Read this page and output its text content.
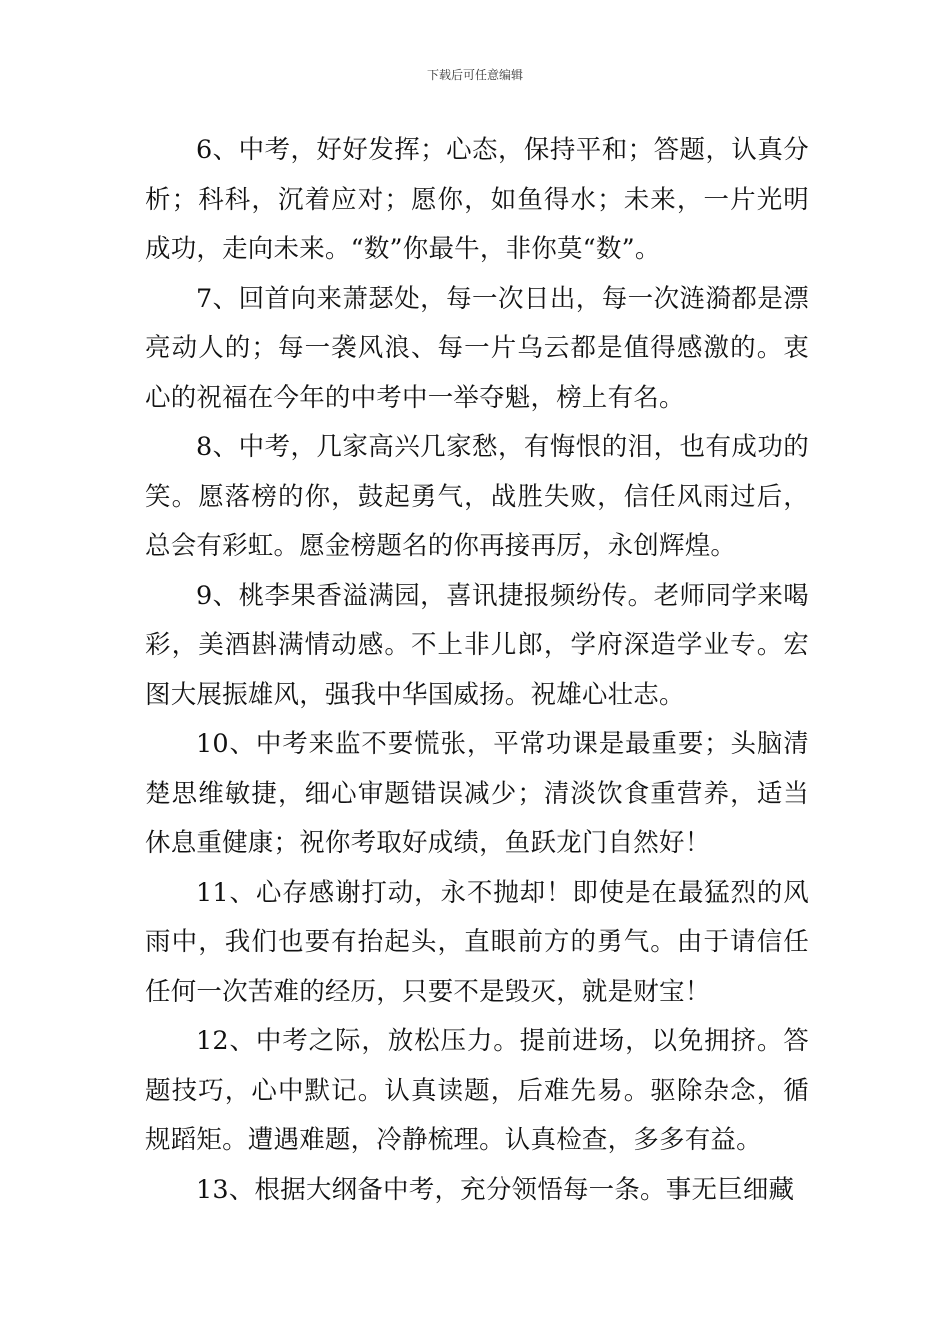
下载后可任意编辑

6、中考，好好发挥；心态，保持平和；答题，认真分析；科科，沉着应对；愿你，如鱼得水；未来，一片光明成功，走向未来。“数”你最牛，非你莫“数”。

7、回首向来萧瑟处，每一次日出，每一次涟漪都是漂亮动人的；每一袭风浪、每一片乌云都是值得感激的。衷心的祝福在今年的中考中一举夺魁，榜上有名。

8、中考，几家高兴几家愁，有悔恨的泪，也有成功的笑。愿落榜的你，鼓起勇气，战胜失败，信任风雨过后，总会有彩虹。愿金榜题名的你再接再厉，永创辉煌。

9、桃李果香溢满园，喜讯捷报频纷传。老师同学来喝彩，美酒斟满情动感。不上非儿郎，学府深造学业专。宏图大展振雄风，强我中华国威扬。祝雄心壮志。

10、中考来监不要慌张，平常功课是最重要；头脑清楚思维敏捷，细心审题错误减少；清淡饮食重营养，适当休息重健康；祝你考取好成绩，鱼跃龙门自然好！

11、心存感谢打动，永不抛却！即使是在最猛烈的风雨中，我们也要有抬起头，直眼前方的勇气。由于请信任任何一次苦难的经历，只要不是毁灭，就是财宝！

12、中考之际，放松压力。提前进场，以免拥挤。答题技巧，心中默记。认真读题，后难先易。驱除杂念，循规蹈矩。遭遇难题，冷静梳理。认真检查，多多有益。

13、根据大纲备中考，充分领悟每一条。事无巨细藏
